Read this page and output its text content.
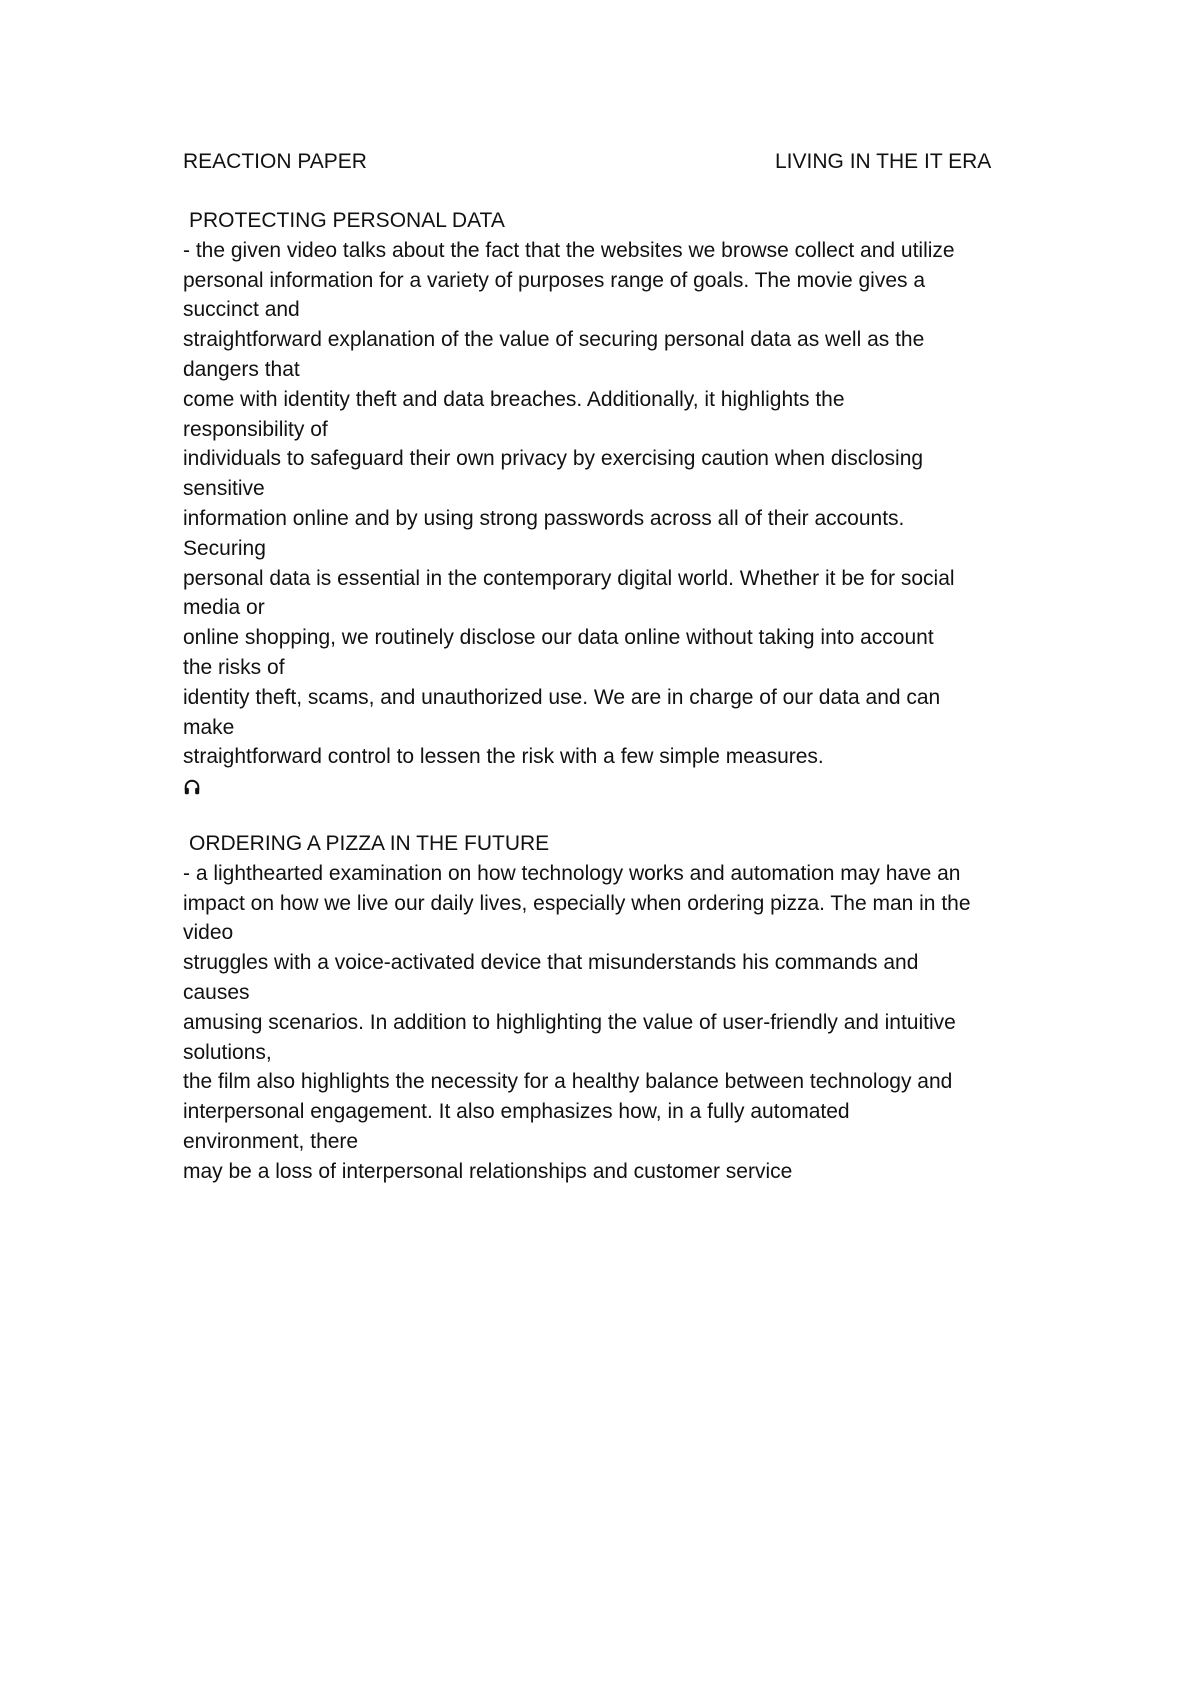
REACTION PAPER	LIVING IN THE IT ERA
PROTECTING PERSONAL DATA
- the given video talks about the fact that the websites we browse collect and utilize
personal information for a variety of purposes range of goals. The movie gives a
succinct and
straightforward explanation of the value of securing personal data as well as the
dangers that
come with identity theft and data breaches. Additionally, it highlights the
responsibility of
individuals to safeguard their own privacy by exercising caution when disclosing
sensitive
information online and by using strong passwords across all of their accounts.
Securing
personal data is essential in the contemporary digital world. Whether it be for social
media or
online shopping, we routinely disclose our data online without taking into account
the risks of
identity theft, scams, and unauthorized use. We are in charge of our data and can
make
straightforward control to lessen the risk with a few simple measures.
ORDERING A PIZZA IN THE FUTURE
- a lighthearted examination on how technology works and automation may have an
impact on how we live our daily lives, especially when ordering pizza. The man in the
video
struggles with a voice-activated device that misunderstands his commands and
causes
amusing scenarios. In addition to highlighting the value of user-friendly and intuitive
solutions,
the film also highlights the necessity for a healthy balance between technology and
interpersonal engagement. It also emphasizes how, in a fully automated
environment, there
may be a loss of interpersonal relationships and customer service
